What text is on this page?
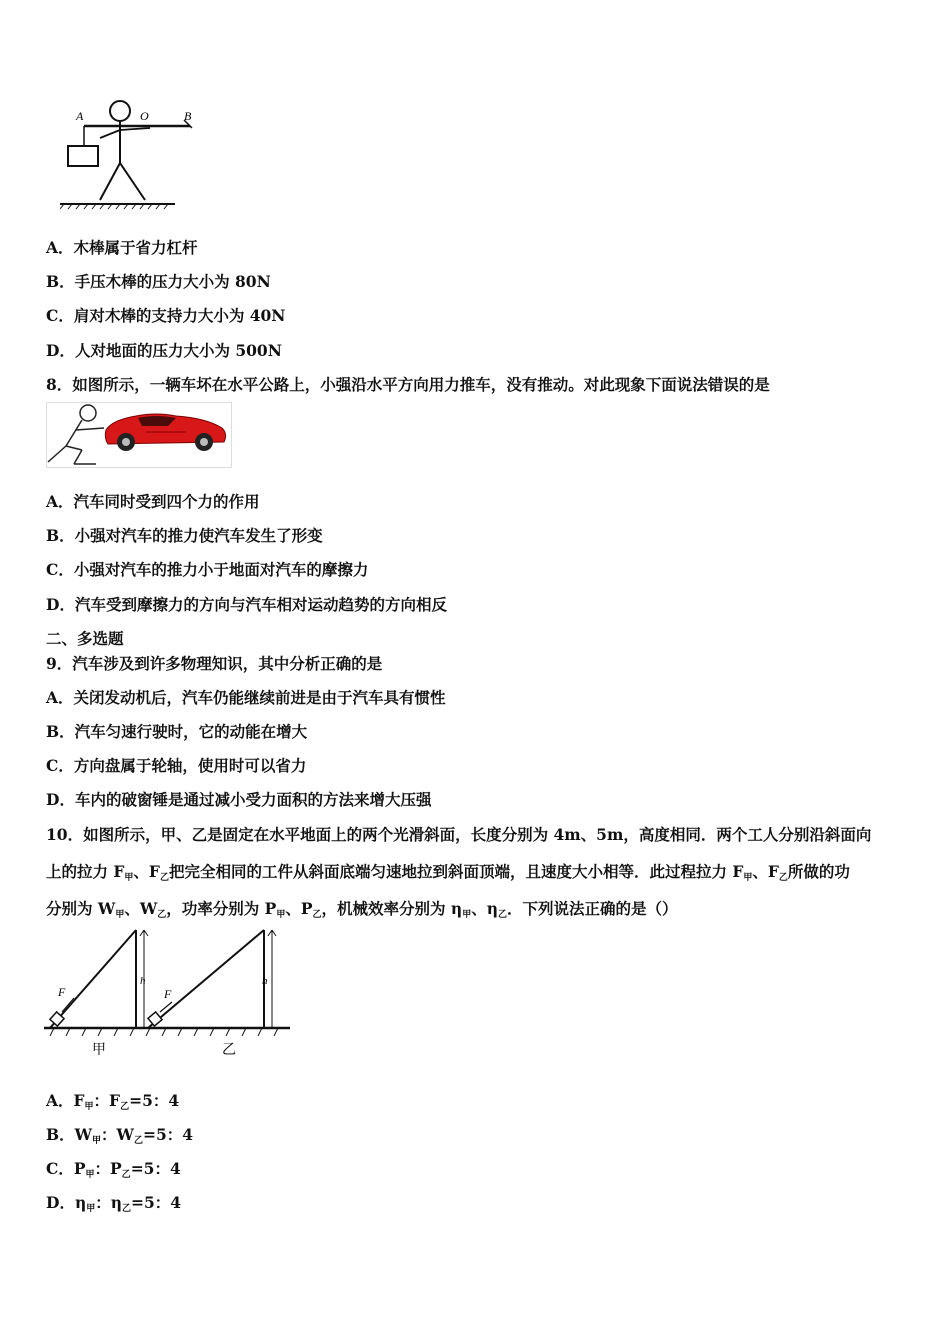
A	O	B
A．木棒属于省力杠杆
B．手压木棒的压力大小为 80N
C．肩对木棒的支持力大小为 40N
D．人对地面的压力大小为 500N
8．如图所示，一辆车坏在水平公路上，小强沿水平方向用力推车，没有推动。对此现象下面说法错误的是
A．汽车同时受到四个力的作用
B．小强对汽车的推力使汽车发生了形变
C．小强对汽车的推力小于地面对汽车的摩擦力
D．汽车受到摩擦力的方向与汽车相对运动趋势的方向相反
二、多选题
9．汽车涉及到许多物理知识，其中分析正确的是
A．关闭发动机后，汽车仍能继续前进是由于汽车具有惯性
B．汽车匀速行驶时，它的动能在增大
C．方向盘属于轮轴，使用时可以省力
D．车内的破窗锤是通过减小受力面积的方法来增大压强
10．如图所示，甲、乙是固定在水平地面上的两个光滑斜面，长度分别为 4m、5m，高度相同．两个工人分别沿斜面向
上的拉力 F甲、F乙把完全相同的工件从斜面底端匀速地拉到斜面顶端，且速度大小相等．此过程拉力 F甲、F乙所做的功
分别为 W甲、W乙，功率分别为 P甲、P乙，机械效率分别为 η甲、η乙．下列说法正确的是（）
F
h
F
h
甲	乙
A．F甲：F乙=5：4
B．W甲：W乙=5：4
C．P甲：P乙=5：4
D．η甲：η乙=5：4
